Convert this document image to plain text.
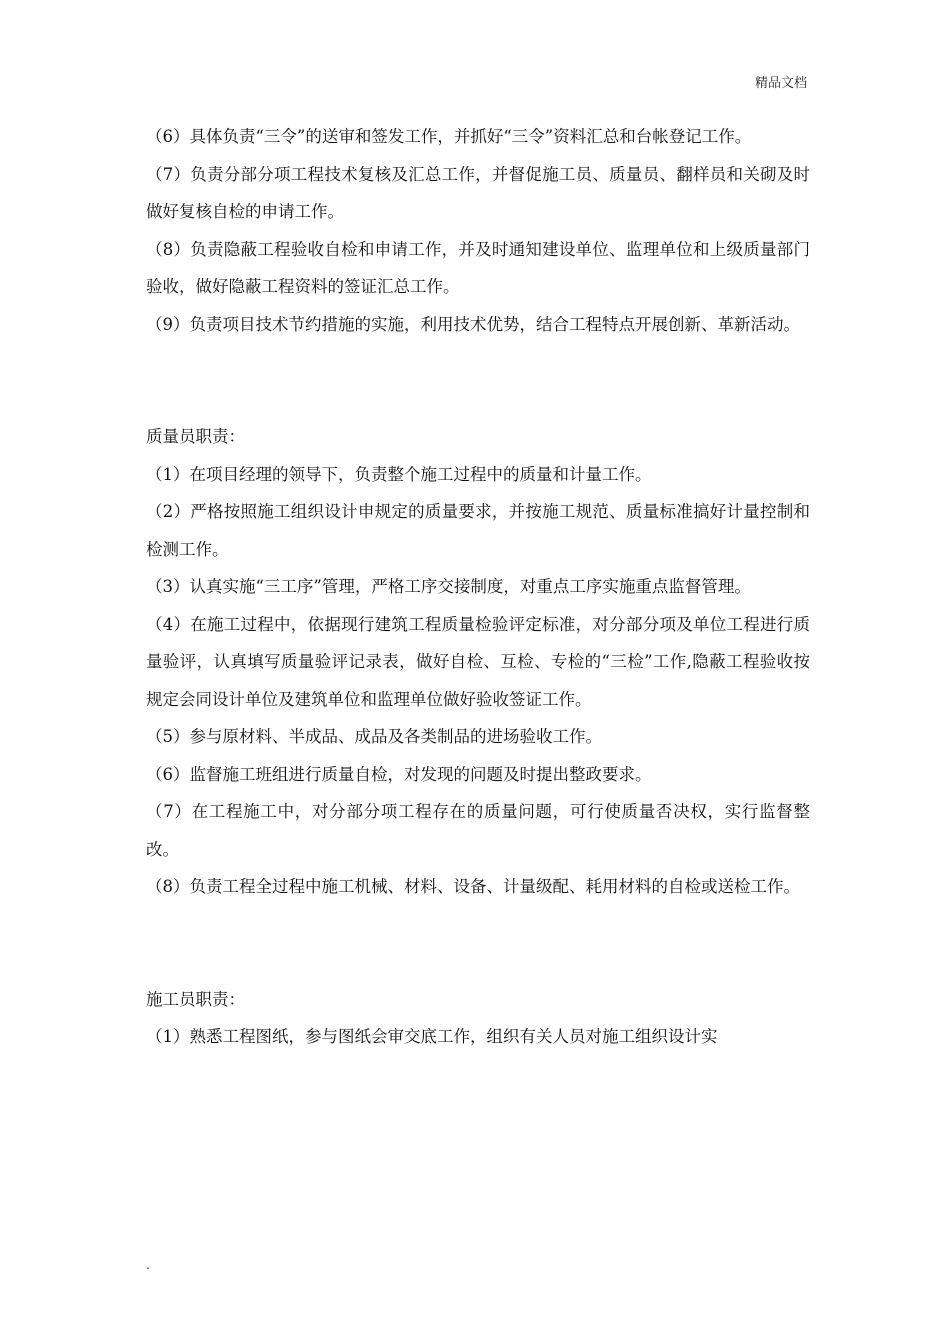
精品文档

（6）具体负责“三令”的送审和签发工作，并抓好“三令”资料汇总和台帐登记工作。

（7）负责分部分项工程技术复核及汇总工作，并督促施工员、质量员、翻样员和关砌及时做好复核自检的申请工作。

（8）负责隐蔽工程验收自检和申请工作，并及时通知建设单位、监理单位和上级质量部门验收，做好隐蔽工程资料的签证汇总工作。

（9）负责项目技术节约措施的实施，利用技术优势，结合工程特点开展创新、革新活动。

质量员职责：

（1）在项目经理的领导下，负责整个施工过程中的质量和计量工作。

（2）严格按照施工组织设计申规定的质量要求，并按施工规范、质量标准搞好计量控制和检测工作。

（3）认真实施“三工序”管理，严格工序交接制度，对重点工序实施重点监督管理。

（4）在施工过程中，依据现行建筑工程质量检验评定标准，对分部分项及单位工程进行质量验评，认真填写质量验评记录表，做好自检、互检、专检的“三检”工作,隐蔽工程验收按规定会同设计单位及建筑单位和监理单位做好验收签证工作。

（5）参与原材料、半成品、成品及各类制品的进场验收工作。

（6）监督施工班组进行质量自检，对发现的问题及时提出整政要求。

（7）在工程施工中，对分部分项工程存在的质量问题，可行使质量否决权，实行监督整改。

（8）负责工程全过程中施工机械、材料、设备、计量级配、耗用材料的自检或送检工作。

施工员职责：

（1）熟悉工程图纸，参与图纸会审交底工作，组织有关人员对施工组织设计实

.
